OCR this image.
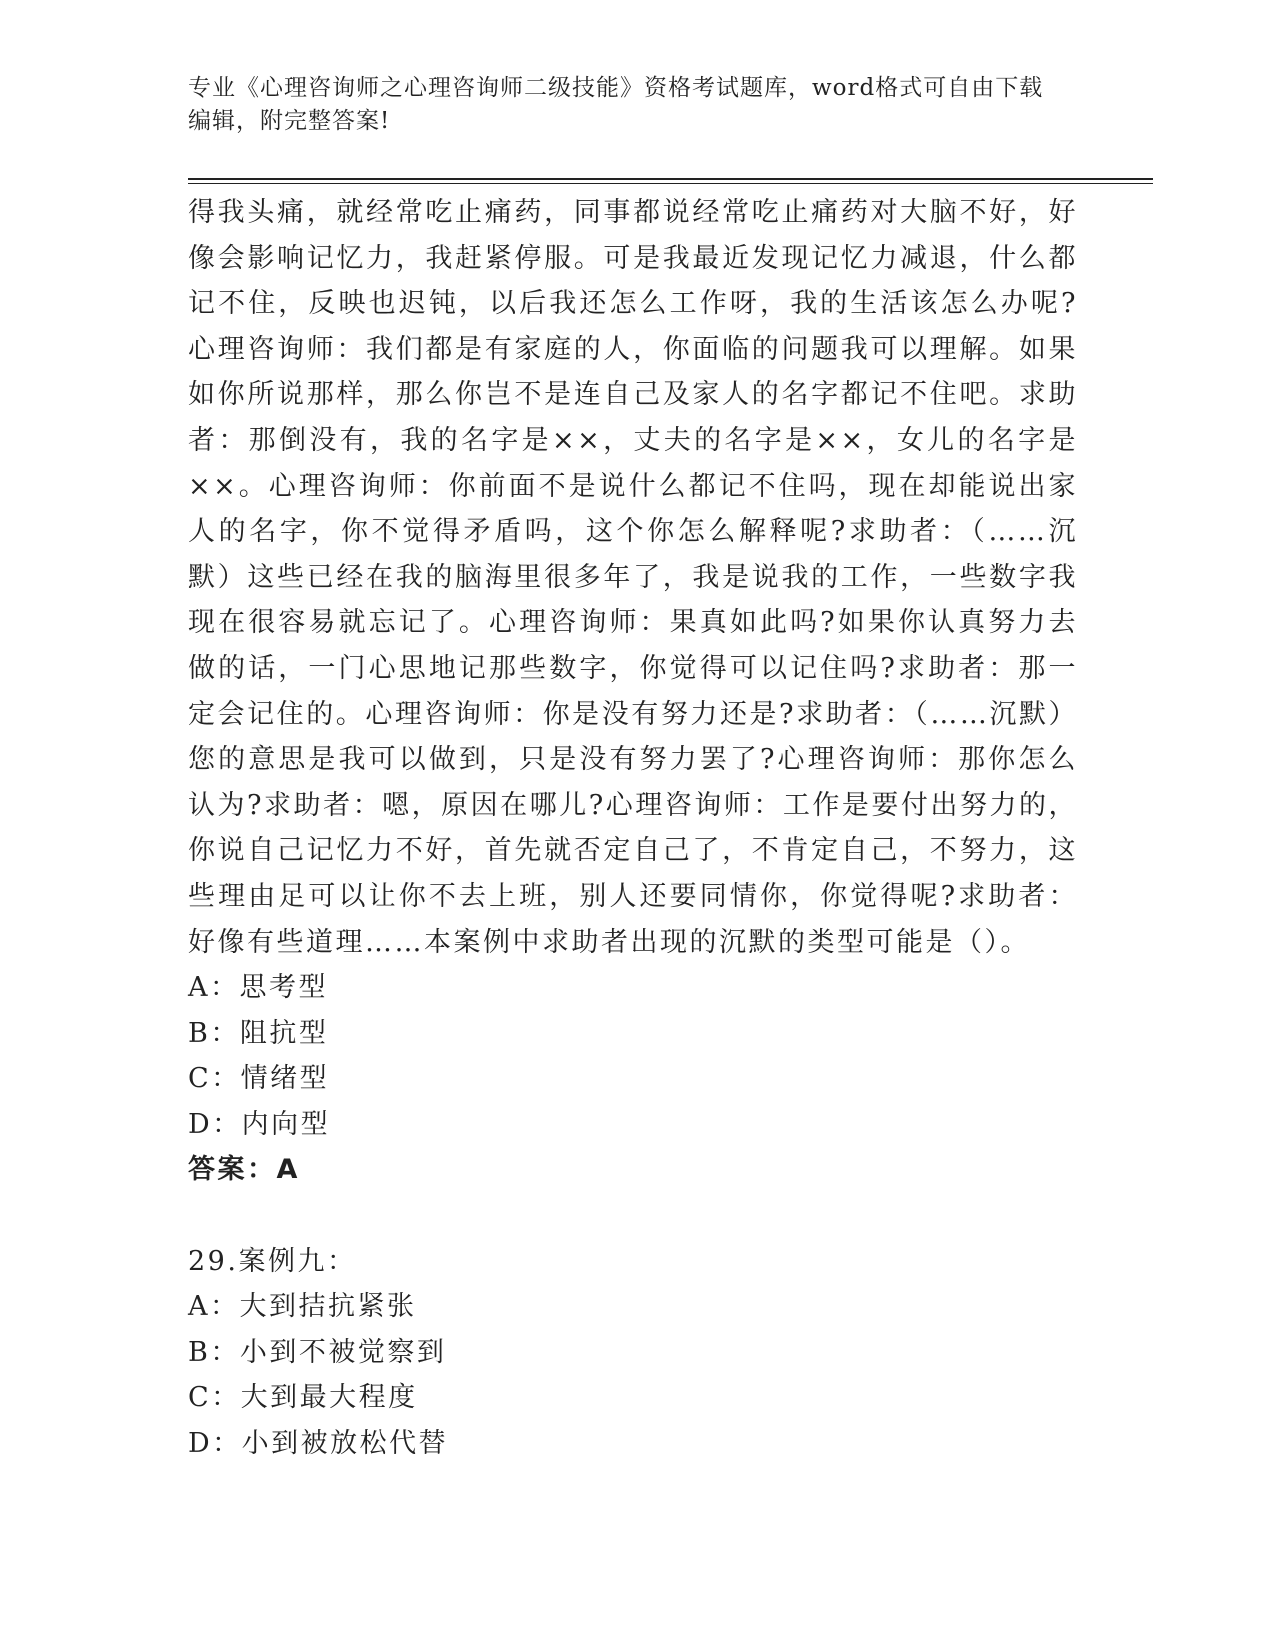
专业《心理咨询师之心理咨询师二级技能》资格考试题库，word格式可自由下载
编辑，附完整答案!

得我头痛，就经常吃止痛药，同事都说经常吃止痛药对大脑不好，好像会影响记忆力，我赶紧停服。可是我最近发现记忆力减退，什么都记不住，反映也迟钝，以后我还怎么工作呀，我的生活该怎么办呢?心理咨询师：我们都是有家庭的人，你面临的问题我可以理解。如果如你所说那样，那么你岂不是连自己及家人的名字都记不住吧。求助者：那倒没有，我的名字是××，丈夫的名字是××，女儿的名字是××。心理咨询师：你前面不是说什么都记不住吗，现在却能说出家人的名字，你不觉得矛盾吗，这个你怎么解释呢?求助者：（……沉默）这些已经在我的脑海里很多年了，我是说我的工作，一些数字我现在很容易就忘记了。心理咨询师：果真如此吗?如果你认真努力去做的话，一门心思地记那些数字，你觉得可以记住吗?求助者：那一定会记住的。心理咨询师：你是没有努力还是?求助者：（……沉默）您的意思是我可以做到，只是没有努力罢了?心理咨询师：那你怎么认为?求助者：嗯，原因在哪儿?心理咨询师：工作是要付出努力的，你说自己记忆力不好，首先就否定自己了，不肯定自己，不努力，这些理由足可以让你不去上班，别人还要同情你，你觉得呢?求助者：好像有些道理……本案例中求助者出现的沉默的类型可能是（）。

A：思考型

B：阻抗型

C：情绪型

D：内向型

答案：A

29.案例九：

A：大到拮抗紧张

B：小到不被觉察到

C：大到最大程度

D：小到被放松代替
